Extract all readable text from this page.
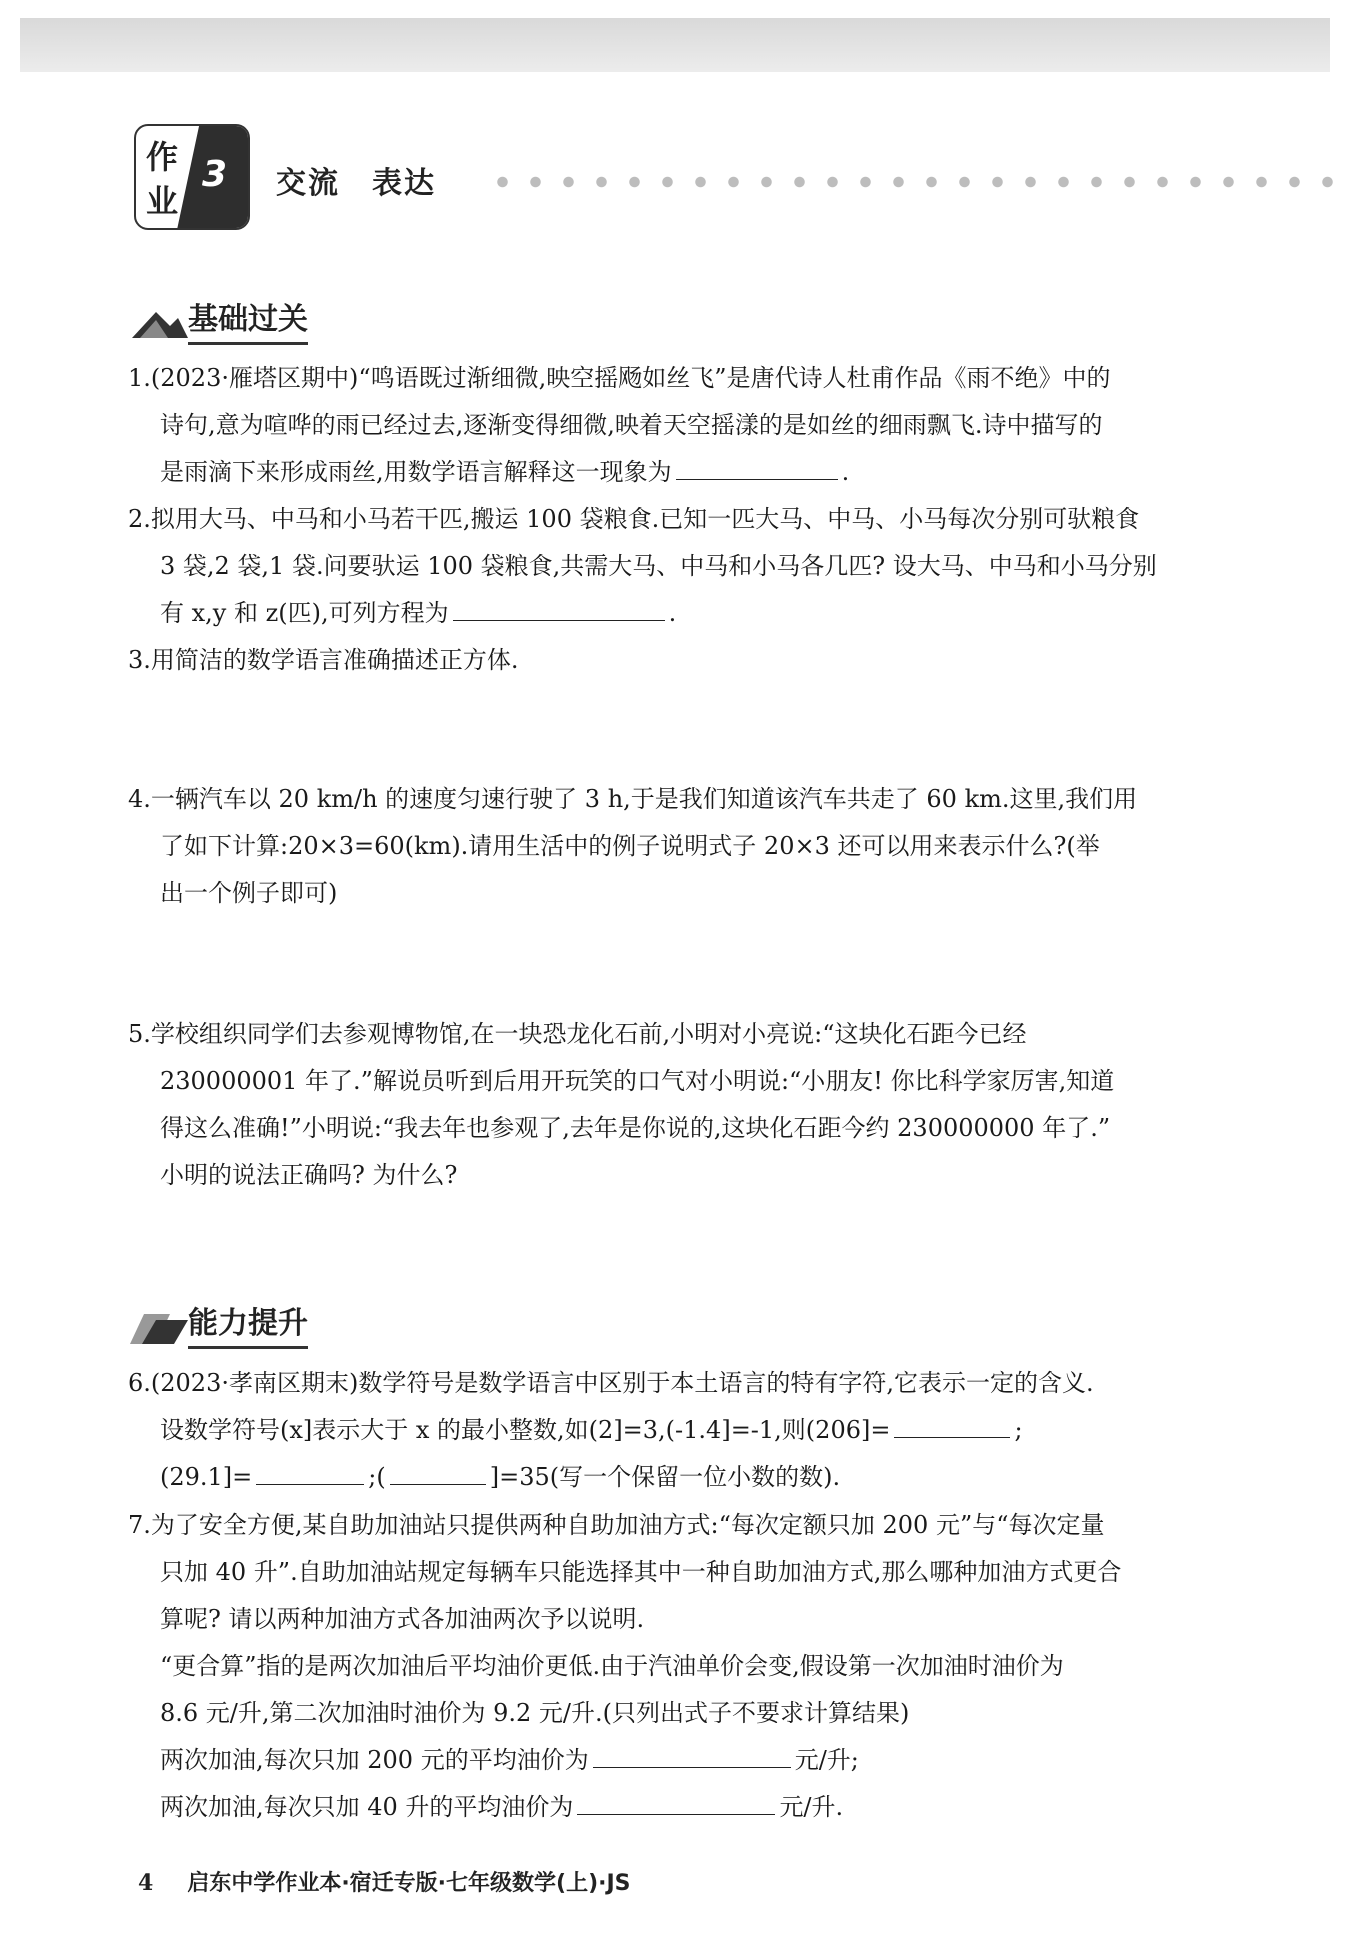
作
业
3 交流　表达
基础过关
1.(2023·雁塔区期中)“鸣语既过渐细微,映空摇飏如丝飞”是唐代诗人杜甫作品《雨不绝》中的
诗句,意为喧哗的雨已经过去,逐渐变得细微,映着天空摇漾的是如丝的细雨飘飞.诗中描写的
是雨滴下来形成雨丝,用数学语言解释这一现象为	.
2.拟用大马、中马和小马若干匹,搬运 100 袋粮食.已知一匹大马、中马、小马每次分别可驮粮食
3 袋,2 袋,1 袋.问要驮运 100 袋粮食,共需大马、中马和小马各几匹? 设大马、中马和小马分别
有 x,y 和 z(匹),可列方程为	.
3.用简洁的数学语言准确描述正方体.
4.一辆汽车以 20 km/h 的速度匀速行驶了 3 h,于是我们知道该汽车共走了 60 km.这里,我们用
了如下计算:20×3=60(km).请用生活中的例子说明式子 20×3 还可以用来表示什么?(举
出一个例子即可)
5.学校组织同学们去参观博物馆,在一块恐龙化石前,小明对小亮说:“这块化石距今已经
230000001 年了.”解说员听到后用开玩笑的口气对小明说:“小朋友! 你比科学家厉害,知道
得这么准确!”小明说:“我去年也参观了,去年是你说的,这块化石距今约 230000000 年了.”
小明的说法正确吗? 为什么?
能力提升
6.(2023·孝南区期末)数学符号是数学语言中区别于本土语言的特有字符,它表示一定的含义.
设数学符号(x]表示大于 x 的最小整数,如(2]=3,(-1.4]=-1,则(206]=	;
(29.1]=	;(	]=35(写一个保留一位小数的数).
7.为了安全方便,某自助加油站只提供两种自助加油方式:“每次定额只加 200 元”与“每次定量
只加 40 升”.自助加油站规定每辆车只能选择其中一种自助加油方式,那么哪种加油方式更合
算呢? 请以两种加油方式各加油两次予以说明.
“更合算”指的是两次加油后平均油价更低.由于汽油单价会变,假设第一次加油时油价为
8.6 元/升,第二次加油时油价为 9.2 元/升.(只列出式子不要求计算结果)
两次加油,每次只加 200 元的平均油价为	元/升;
两次加油,每次只加 40 升的平均油价为	元/升.
4 启东中学作业本·宿迁专版·七年级数学(上)·JS
